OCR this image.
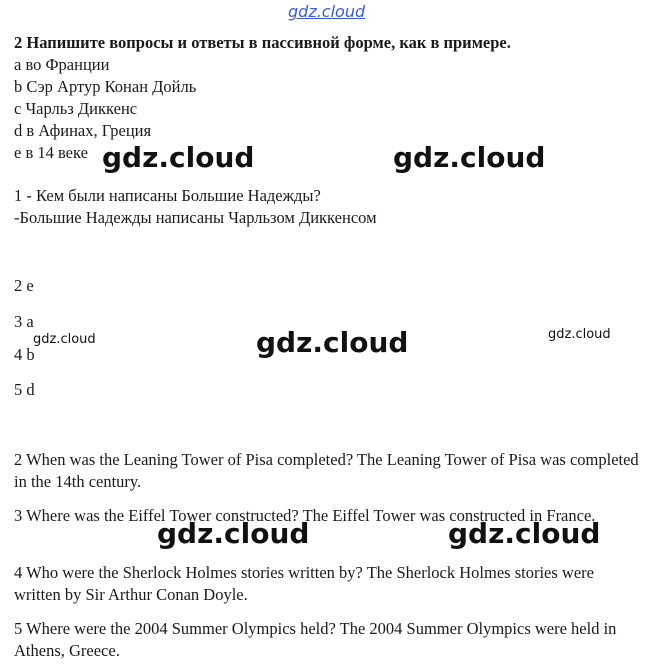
gdz.cloud

2 Напишите вопросы и ответы в пассивной форме, как в примере.

a во Франции

b Сэр Артур Конан Дойль

c Чарльз Диккенс

d в Афинах, Греция

e в 14 веке

1 - Кем были написаны Большие Надежды?

-Большие Надежды написаны Чарльзом Диккенсом

2 e

3 a

4 b

5 d

2 When was the Leaning Tower of Pisa completed? The Leaning Tower of Pisa was completed in the 14th century.

3 Where was the Eiffel Tower constructed? The Eiffel Tower was constructed in France.

4 Who were the Sherlock Holmes stories written by? The Sherlock Holmes stories were written by Sir Arthur Conan Doyle.

5 Where were the 2004 Summer Olympics held? The 2004 Summer Olympics were held in Athens, Greece.

gdz.cloud	gdz.cloud
gdz.cloud	gdz.cloud	gdz.cloud
gdz.cloud	gdz.cloud
